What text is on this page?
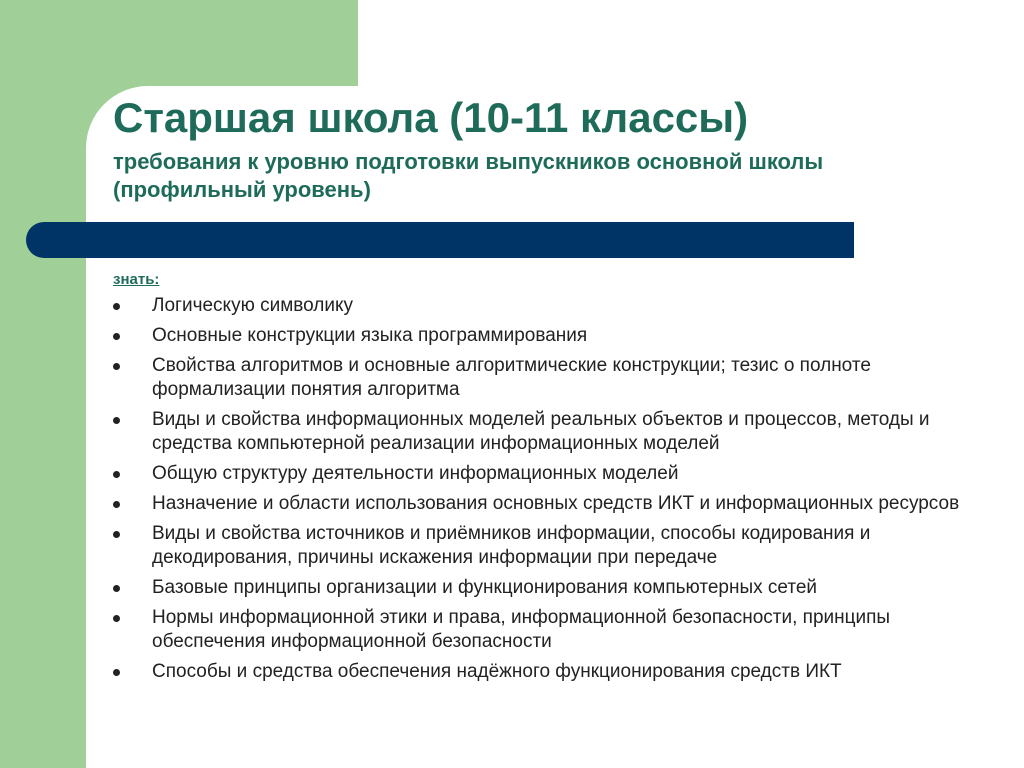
Старшая школа (10-11 классы)
требования к уровню подготовки выпускников основной школы (профильный уровень)
знать:
Логическую символику
Основные конструкции языка программирования
Свойства алгоритмов и основные алгоритмические конструкции; тезис о полноте формализации понятия алгоритма
Виды и свойства информационных моделей реальных объектов и процессов, методы и средства компьютерной реализации информационных моделей
Общую структуру деятельности информационных моделей
Назначение и области использования основных средств ИКТ и информационных ресурсов
Виды и свойства источников и приёмников информации, способы кодирования и декодирования, причины искажения информации при передаче
Базовые принципы организации и функционирования компьютерных сетей
Нормы информационной этики и права, информационной безопасности, принципы обеспечения информационной безопасности
Способы и средства обеспечения надёжного функционирования средств ИКТ
